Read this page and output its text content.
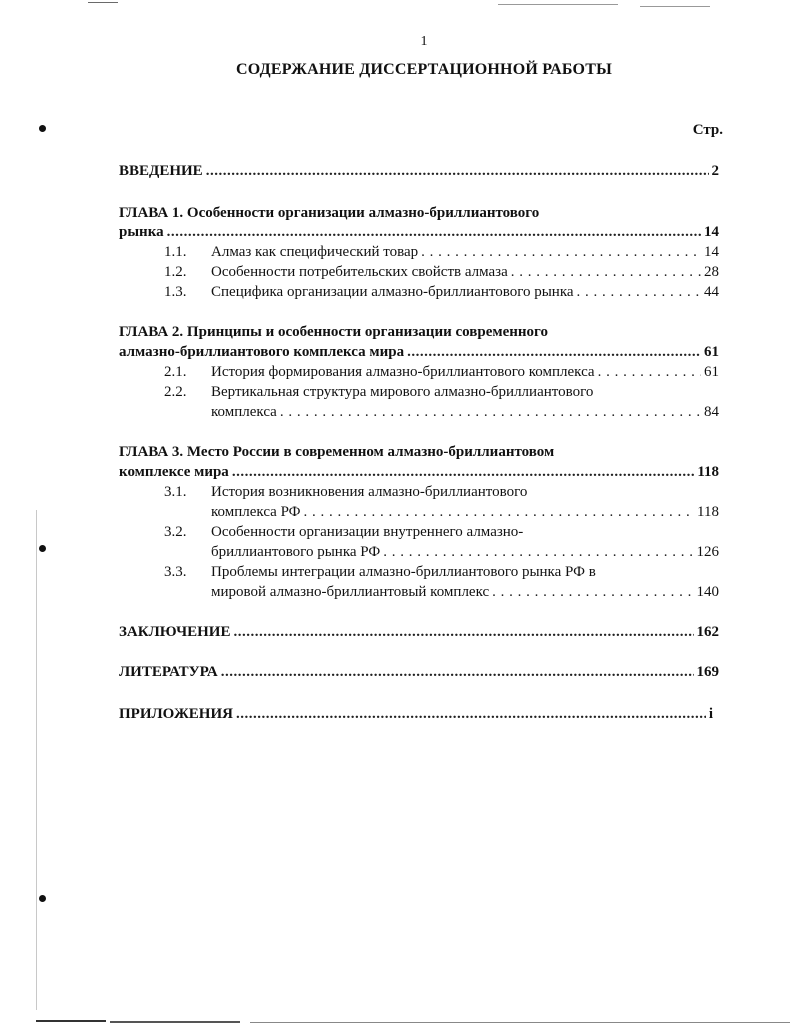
1
СОДЕРЖАНИЕ ДИССЕРТАЦИОННОЙ РАБОТЫ
Стр.
ВВЕДЕНИЕ .....	2
ГЛАВА 1. Особенности организации алмазно-бриллиантового
рынка .....	14
1.1. Алмаз как специфический товар . . .	14
1.2. Особенности потребительских свойств алмаза . . .	28
1.3. Специфика организации алмазно-бриллиантового рынка . . .	44
ГЛАВА 2. Принципы и особенности организации современного
алмазно-бриллиантового комплекса мира .....	61
2.1. История формирования алмазно-бриллиантового комплекса . . .	61
2.2. Вертикальная структура мирового алмазно-бриллиантового
комплекса . . .	84
ГЛАВА 3. Место России в современном алмазно-бриллиантовом
комплексе мира .....	118
3.1. История возникновения алмазно-бриллиантового
комплекса РФ . . .	118
3.2. Особенности организации внутреннего алмазно-
бриллиантового рынка РФ . . .	126
3.3. Проблемы интеграции алмазно-бриллиантового рынка РФ в
мировой алмазно-бриллиантовый комплекс . . .	140
ЗАКЛЮЧЕНИЕ .....	162
ЛИТЕРАТУРА .....	169
ПРИЛОЖЕНИЯ .....	i
